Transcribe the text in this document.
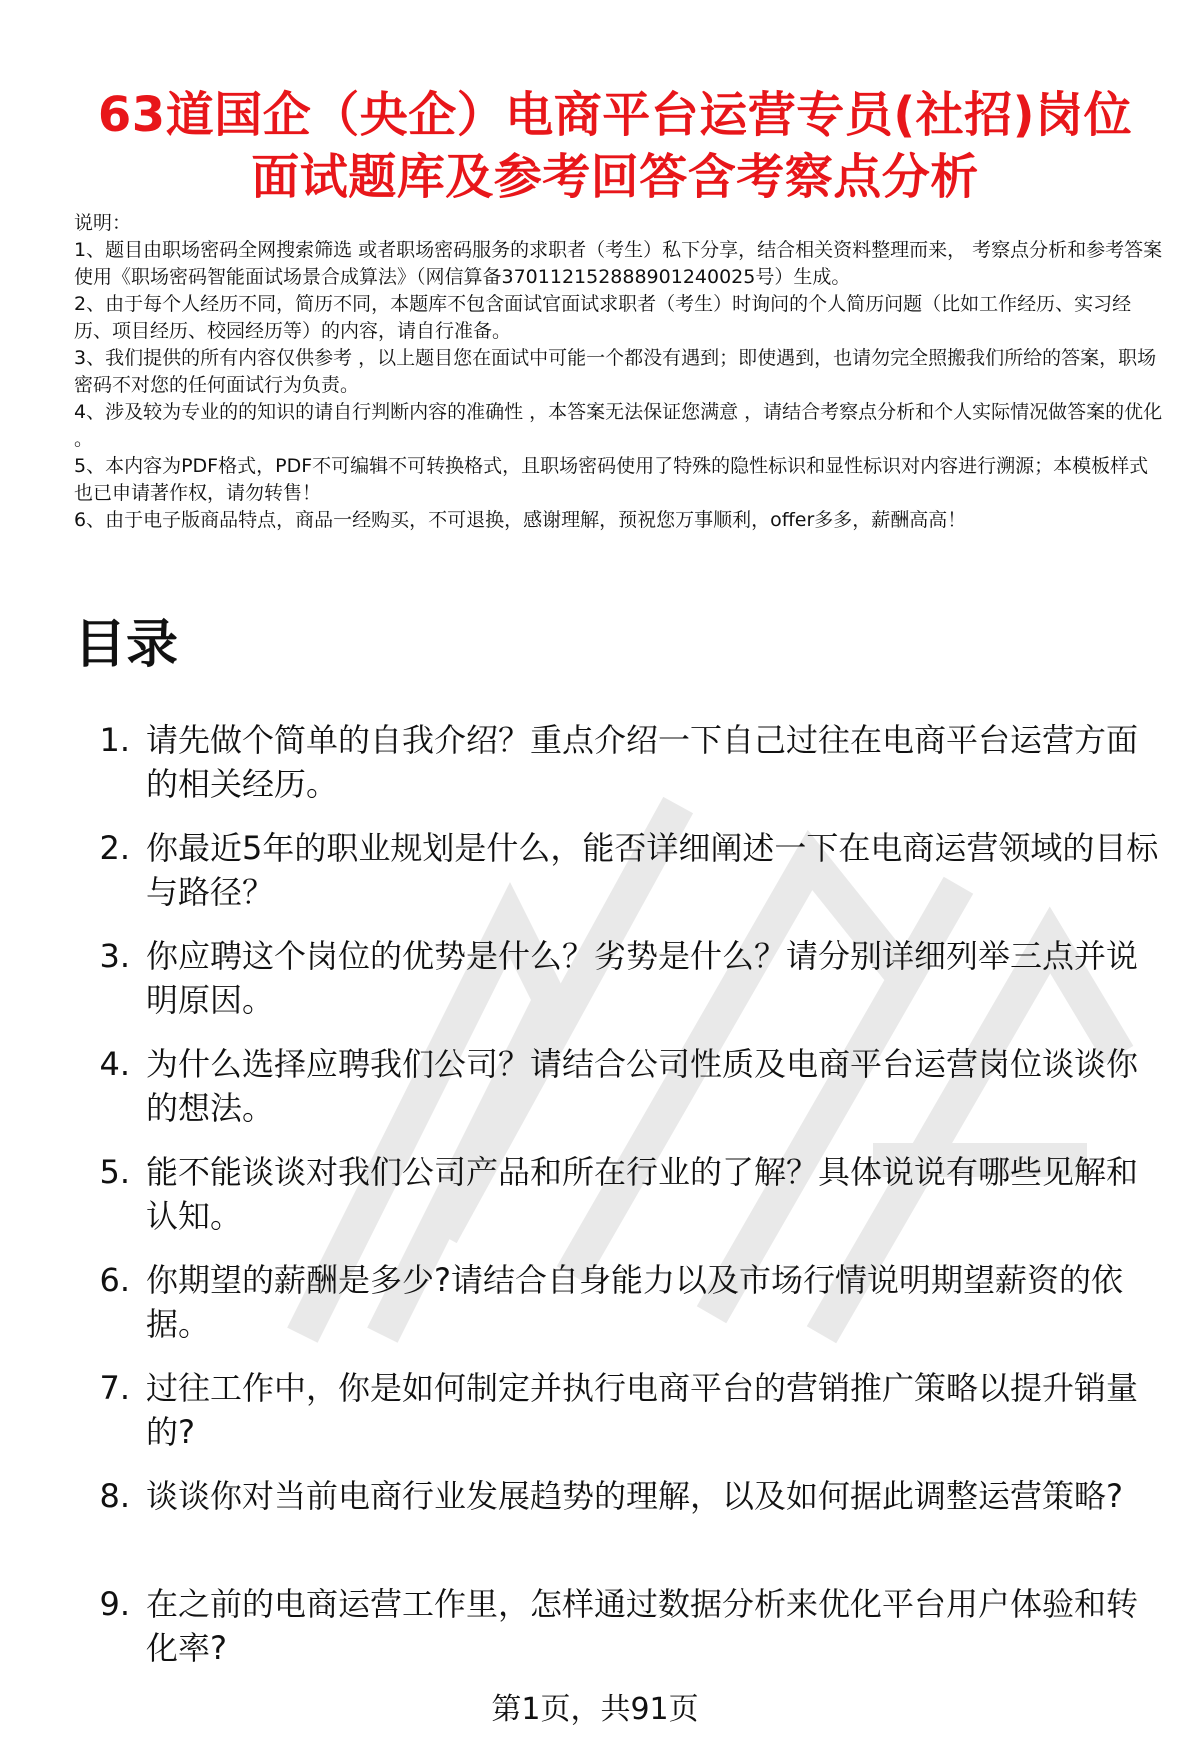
63道国企（央企）电商平台运营专员(社招)岗位
面试题库及参考回答含考察点分析

说明：

1、题目由职场密码全网搜索筛选 或者职场密码服务的求职者（考生）私下分享，结合相关资料整理而来， 考察点分析和参考答案使用《职场密码智能面试场景合成算法》（网信算备370112152888901240025号）生成。

2、由于每个人经历不同，简历不同，本题库不包含面试官面试求职者（考生）时询问的个人简历问题（比如工作经历、实习经历、项目经历、校园经历等）的内容，请自行准备。

3、我们提供的所有内容仅供参考 ，以上题目您在面试中可能一个都没有遇到；即使遇到，也请勿完全照搬我们所给的答案，职场密码不对您的任何面试行为负责。

4、涉及较为专业的的知识的请自行判断内容的准确性 ，本答案无法保证您满意 ，请结合考察点分析和个人实际情况做答案的优化 。

5、本内容为PDF格式，PDF不可编辑不可转换格式，且职场密码使用了特殊的隐性标识和显性标识对内容进行溯源；本模板样式也已申请著作权，请勿转售！

6、由于电子版商品特点，商品一经购买，不可退换，感谢理解，预祝您万事顺利，offer多多，薪酬高高！

目录
1. 请先做个简单的自我介绍？重点介绍一下自己过往在电商平台运营方面的相关经历。
2. 你最近5年的职业规划是什么，能否详细阐述一下在电商运营领域的目标与路径？
3. 你应聘这个岗位的优势是什么？劣势是什么？请分别详细列举三点并说明原因。
4. 为什么选择应聘我们公司？请结合公司性质及电商平台运营岗位谈谈你的想法。
5. 能不能谈谈对我们公司产品和所在行业的了解？具体说说有哪些见解和认知。
6. 你期望的薪酬是多少?请结合自身能力以及市场行情说明期望薪资的依据。
7. 过往工作中，你是如何制定并执行电商平台的营销推广策略以提升销量的?
8. 谈谈你对当前电商行业发展趋势的理解，以及如何据此调整运营策略?
9. 在之前的电商运营工作里，怎样通过数据分析来优化平台用户体验和转化率?
第1页，共91页
